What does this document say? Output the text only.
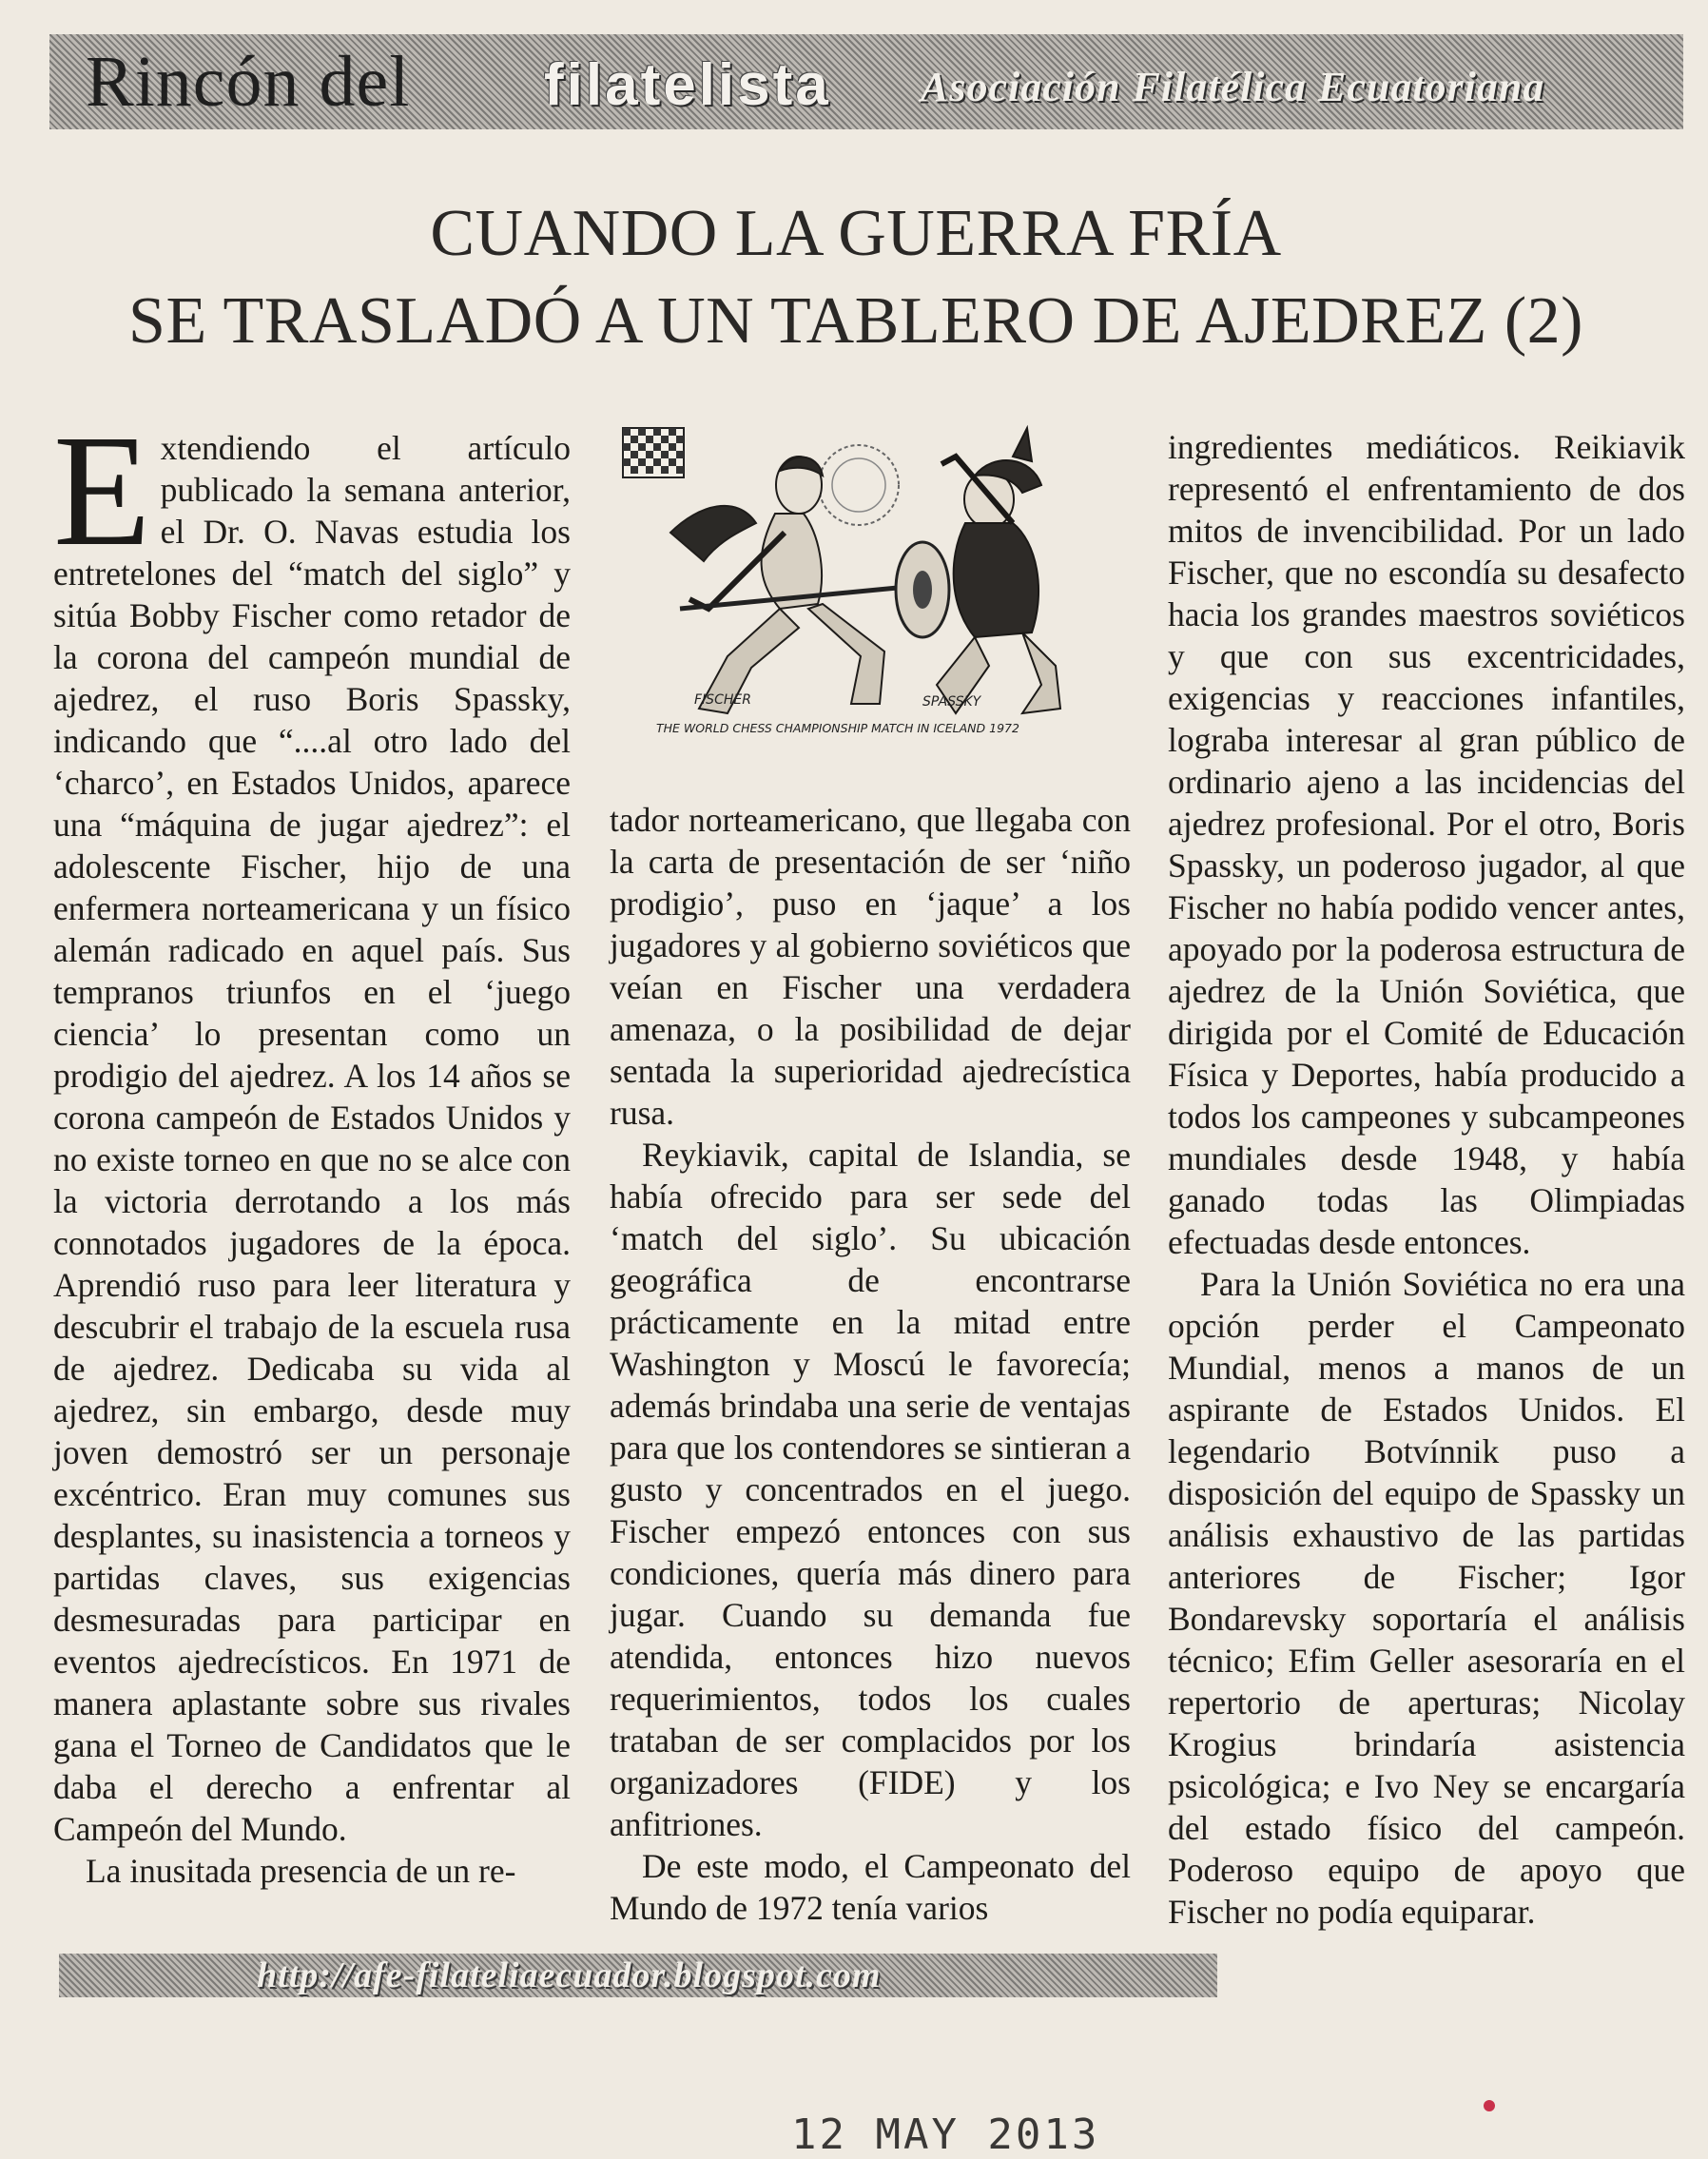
Rincón del filatelista Asociación Filatélica Ecuatoriana
CUANDO LA GUERRA FRÍA
SE TRASLADÓ A UN TABLERO DE AJEDREZ (2)
E xtendiendo el artículo publicado la semana anterior, el Dr. O. Navas estudia los entretelones del “match del siglo” y sitúa Bobby Fischer como retador de la corona del campeón mundial de ajedrez, el ruso Boris Spassky, indicando que “....al otro lado del ‘charco’, en Estados Unidos, aparece una “máquina de jugar ajedrez”: el adolescente Fischer, hijo de una enfermera norteamericana y un físico alemán radicado en aquel país. Sus tempranos triunfos en el ‘juego ciencia’ lo presentan como un prodigio del ajedrez. A los 14 años se corona campeón de Estados Unidos y no existe torneo en que no se alce con la victoria derrotando a los más connotados jugadores de la época. Aprendió ruso para leer literatura y descubrir el trabajo de la escuela rusa de ajedrez. Dedicaba su vida al ajedrez, sin embargo, desde muy joven demostró ser un personaje excéntrico. Eran muy comunes sus desplantes, su inasistencia a torneos y partidas claves, sus exigencias desmesuradas para participar en eventos ajedrecísticos. En 1971 de manera aplastante sobre sus rivales gana el Torneo de Candidatos que le daba el derecho a enfrentar al Campeón del Mundo.

La inusitada presencia de un re-

FISCHER	SPASSKY
THE WORLD CHESS CHAMPIONSHIP MATCH IN ICELAND 1972

tador norteamericano, que llegaba con la carta de presentación de ser ‘niño prodigio’, puso en ‘jaque’ a los jugadores y al gobierno soviéticos que veían en Fischer una verdadera amenaza, o la posibilidad de dejar sentada la superioridad ajedrecística rusa.

Reykiavik, capital de Islandia, se había ofrecido para ser sede del ‘match del siglo’. Su ubicación geográfica de encontrarse prácticamente en la mitad entre Washington y Moscú le favorecía; además brindaba una serie de ventajas para que los contendores se sintieran a gusto y concentrados en el juego. Fischer empezó entonces con sus condiciones, quería más dinero para jugar. Cuando su demanda fue atendida, entonces hizo nuevos requerimientos, todos los cuales trataban de ser complacidos por los organizadores (FIDE) y los anfitriones.

De este modo, el Campeonato del Mundo de 1972 tenía varios

ingredientes mediáticos. Reikiavik representó el enfrentamiento de dos mitos de invencibilidad. Por un lado Fischer, que no escondía su desafecto hacia los grandes maestros soviéticos y que con sus excentricidades, exigencias y reacciones infantiles, lograba interesar al gran público de ordinario ajeno a las incidencias del ajedrez profesional. Por el otro, Boris Spassky, un poderoso jugador, al que Fischer no había podido vencer antes, apoyado por la poderosa estructura de ajedrez de la Unión Soviética, que dirigida por el Comité de Educación Física y Deportes, había producido a todos los campeones y subcampeones mundiales desde 1948, y había ganado todas las Olimpiadas efectuadas desde entonces.

Para la Unión Soviética no era una opción perder el Campeonato Mundial, menos a manos de un aspirante de Estados Unidos. El legendario Botvínnik puso a disposición del equipo de Spassky un análisis exhaustivo de las partidas anteriores de Fischer; Igor Bondarevsky soportaría el análisis técnico; Efim Geller asesoraría en el repertorio de aperturas; Nicolay Krogius brindaría asistencia psicológica; e Ivo Ney se encargaría del estado físico del campeón. Poderoso equipo de apoyo que Fischer no podía equiparar.

http://afe-filateliaecuador.blogspot.com
12 MAY 2013
